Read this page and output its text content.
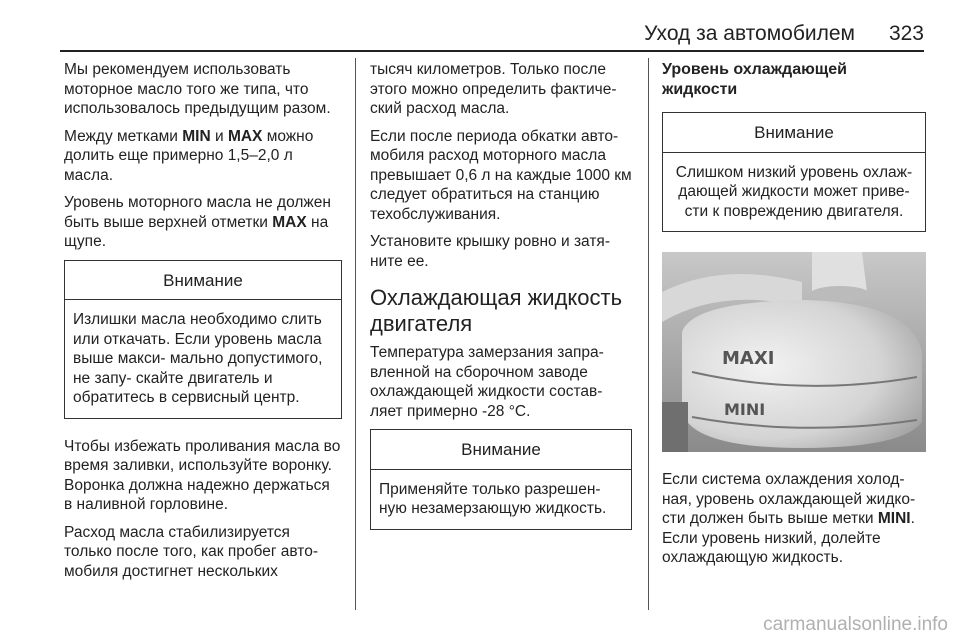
Уход за автомобилем 323

Мы рекомендуем использовать моторное масло того же типа, что использовалось предыдущим разом.

Между метками MIN и MAX можно долить еще примерно 1,5–2,0 л масла.

Уровень моторного масла не должен быть выше верхней отметки MAX на щупе.

Внимание
Излишки масла необходимо слить или откачать. Если уровень масла выше макси- мально допустимого, не запу- скайте двигатель и обратитесь в сервисный центр.

Чтобы избежать проливания масла во время заливки, используйте воронку. Воронка должна надежно держаться в наливной горловине.

Расход масла стабилизируется только после того, как пробег авто- мобиля достигнет нескольких

тысяч километров. Только после этого можно определить фактиче- ский расход масла.

Если после периода обкатки авто- мобиля расход моторного масла превышает 0,6 л на каждые 1000 км следует обратиться на станцию техобслуживания.

Установите крышку ровно и затя- ните ее.

Охлаждающая жидкость двигателя

Температура замерзания запра- вленной на сборочном заводе охлаждающей жидкости состав- ляет примерно -28 °C.

Внимание
Применяйте только разрешен- ную незамерзающую жидкость.
Уровень охлаждающей жидкости
Внимание
Слишком низкий уровень охлаж- дающей жидкости может приве- сти к повреждению двигателя.
MAXI
MINI

Если система охлаждения холод- ная, уровень охлаждающей жидко- сти должен быть выше метки MINI. Если уровень низкий, долейте охлаждающую жидкость.

carmanualsonline.info
